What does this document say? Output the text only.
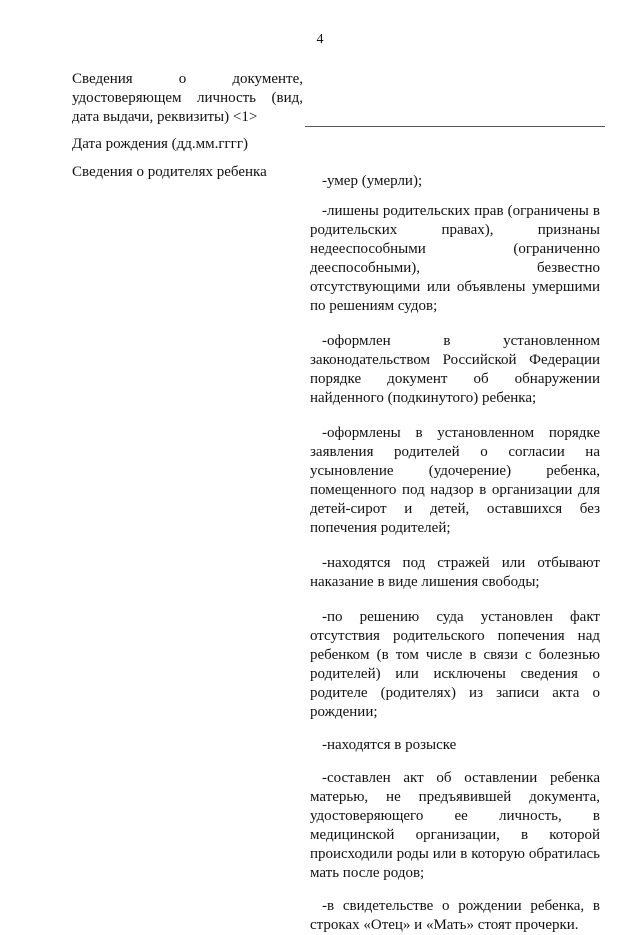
4
Сведения о документе, удостоверяющем личность (вид, дата выдачи, реквизиты) <1>
Дата рождения (дд.мм.гггг)
Сведения о родителях ребенка

-умер (умерли);

-лишены родительских прав (ограничены в родительских правах), признаны недееспособными (ограниченно дееспособными), безвестно отсутствующими или объявлены умершими по решениям судов;

-оформлен в установленном законодательством Российской Федерации порядке документ об обнаружении найденного (подкинутого) ребенка;

-оформлены в установленном порядке заявления родителей о согласии на усыновление (удочерение) ребенка, помещенного под надзор в организации для детей-сирот и детей, оставшихся без попечения родителей;

-находятся под стражей или отбывают наказание в виде лишения свободы;

-по решению суда установлен факт отсутствия родительского попечения над ребенком (в том числе в связи с болезнью родителей) или исключены сведения о родителе (родителях) из записи акта о рождении;

-находятся в розыске

-составлен акт об оставлении ребенка матерью, не предъявившей документа, удостоверяющего ее личность, в медицинской организации, в которой происходили роды или в которую обратилась мать после родов;

-в свидетельстве о рождении ребенка, в строках «Отец» и «Мать» стоят прочерки.
